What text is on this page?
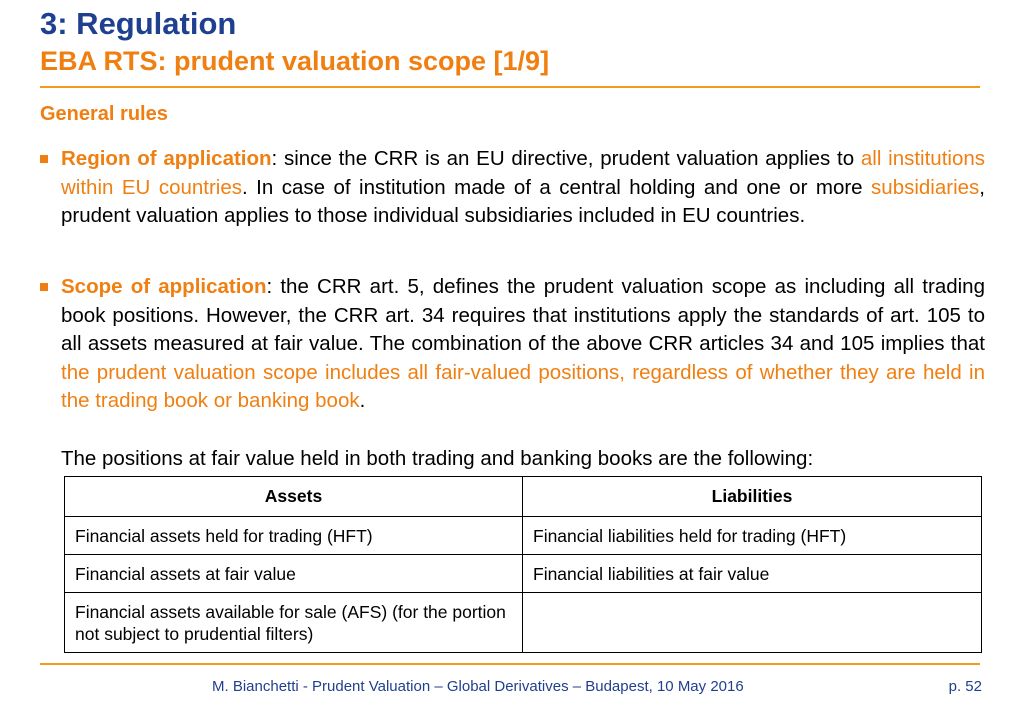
3: Regulation
EBA RTS: prudent valuation scope [1/9]
General rules
Region of application: since the CRR is an EU directive, prudent valuation applies to all institutions within EU countries. In case of institution made of a central holding and one or more subsidiaries, prudent valuation applies to those individual subsidiaries included in EU countries.
Scope of application: the CRR art. 5, defines the prudent valuation scope as including all trading book positions. However, the CRR art. 34 requires that institutions apply the standards of art. 105 to all assets measured at fair value. The combination of the above CRR articles 34 and 105 implies that the prudent valuation scope includes all fair-valued positions, regardless of whether they are held in the trading book or banking book.
The positions at fair value held in both trading and banking books are the following:
Assets	Liabilities
Financial assets held for trading (HFT)	Financial liabilities held for trading (HFT)
Financial assets at fair value	Financial liabilities at fair value
Financial assets available for sale (AFS) (for the portion not subject to prudential filters)	
M. Bianchetti - Prudent Valuation – Global Derivatives – Budapest, 10 May 2016	p. 52
